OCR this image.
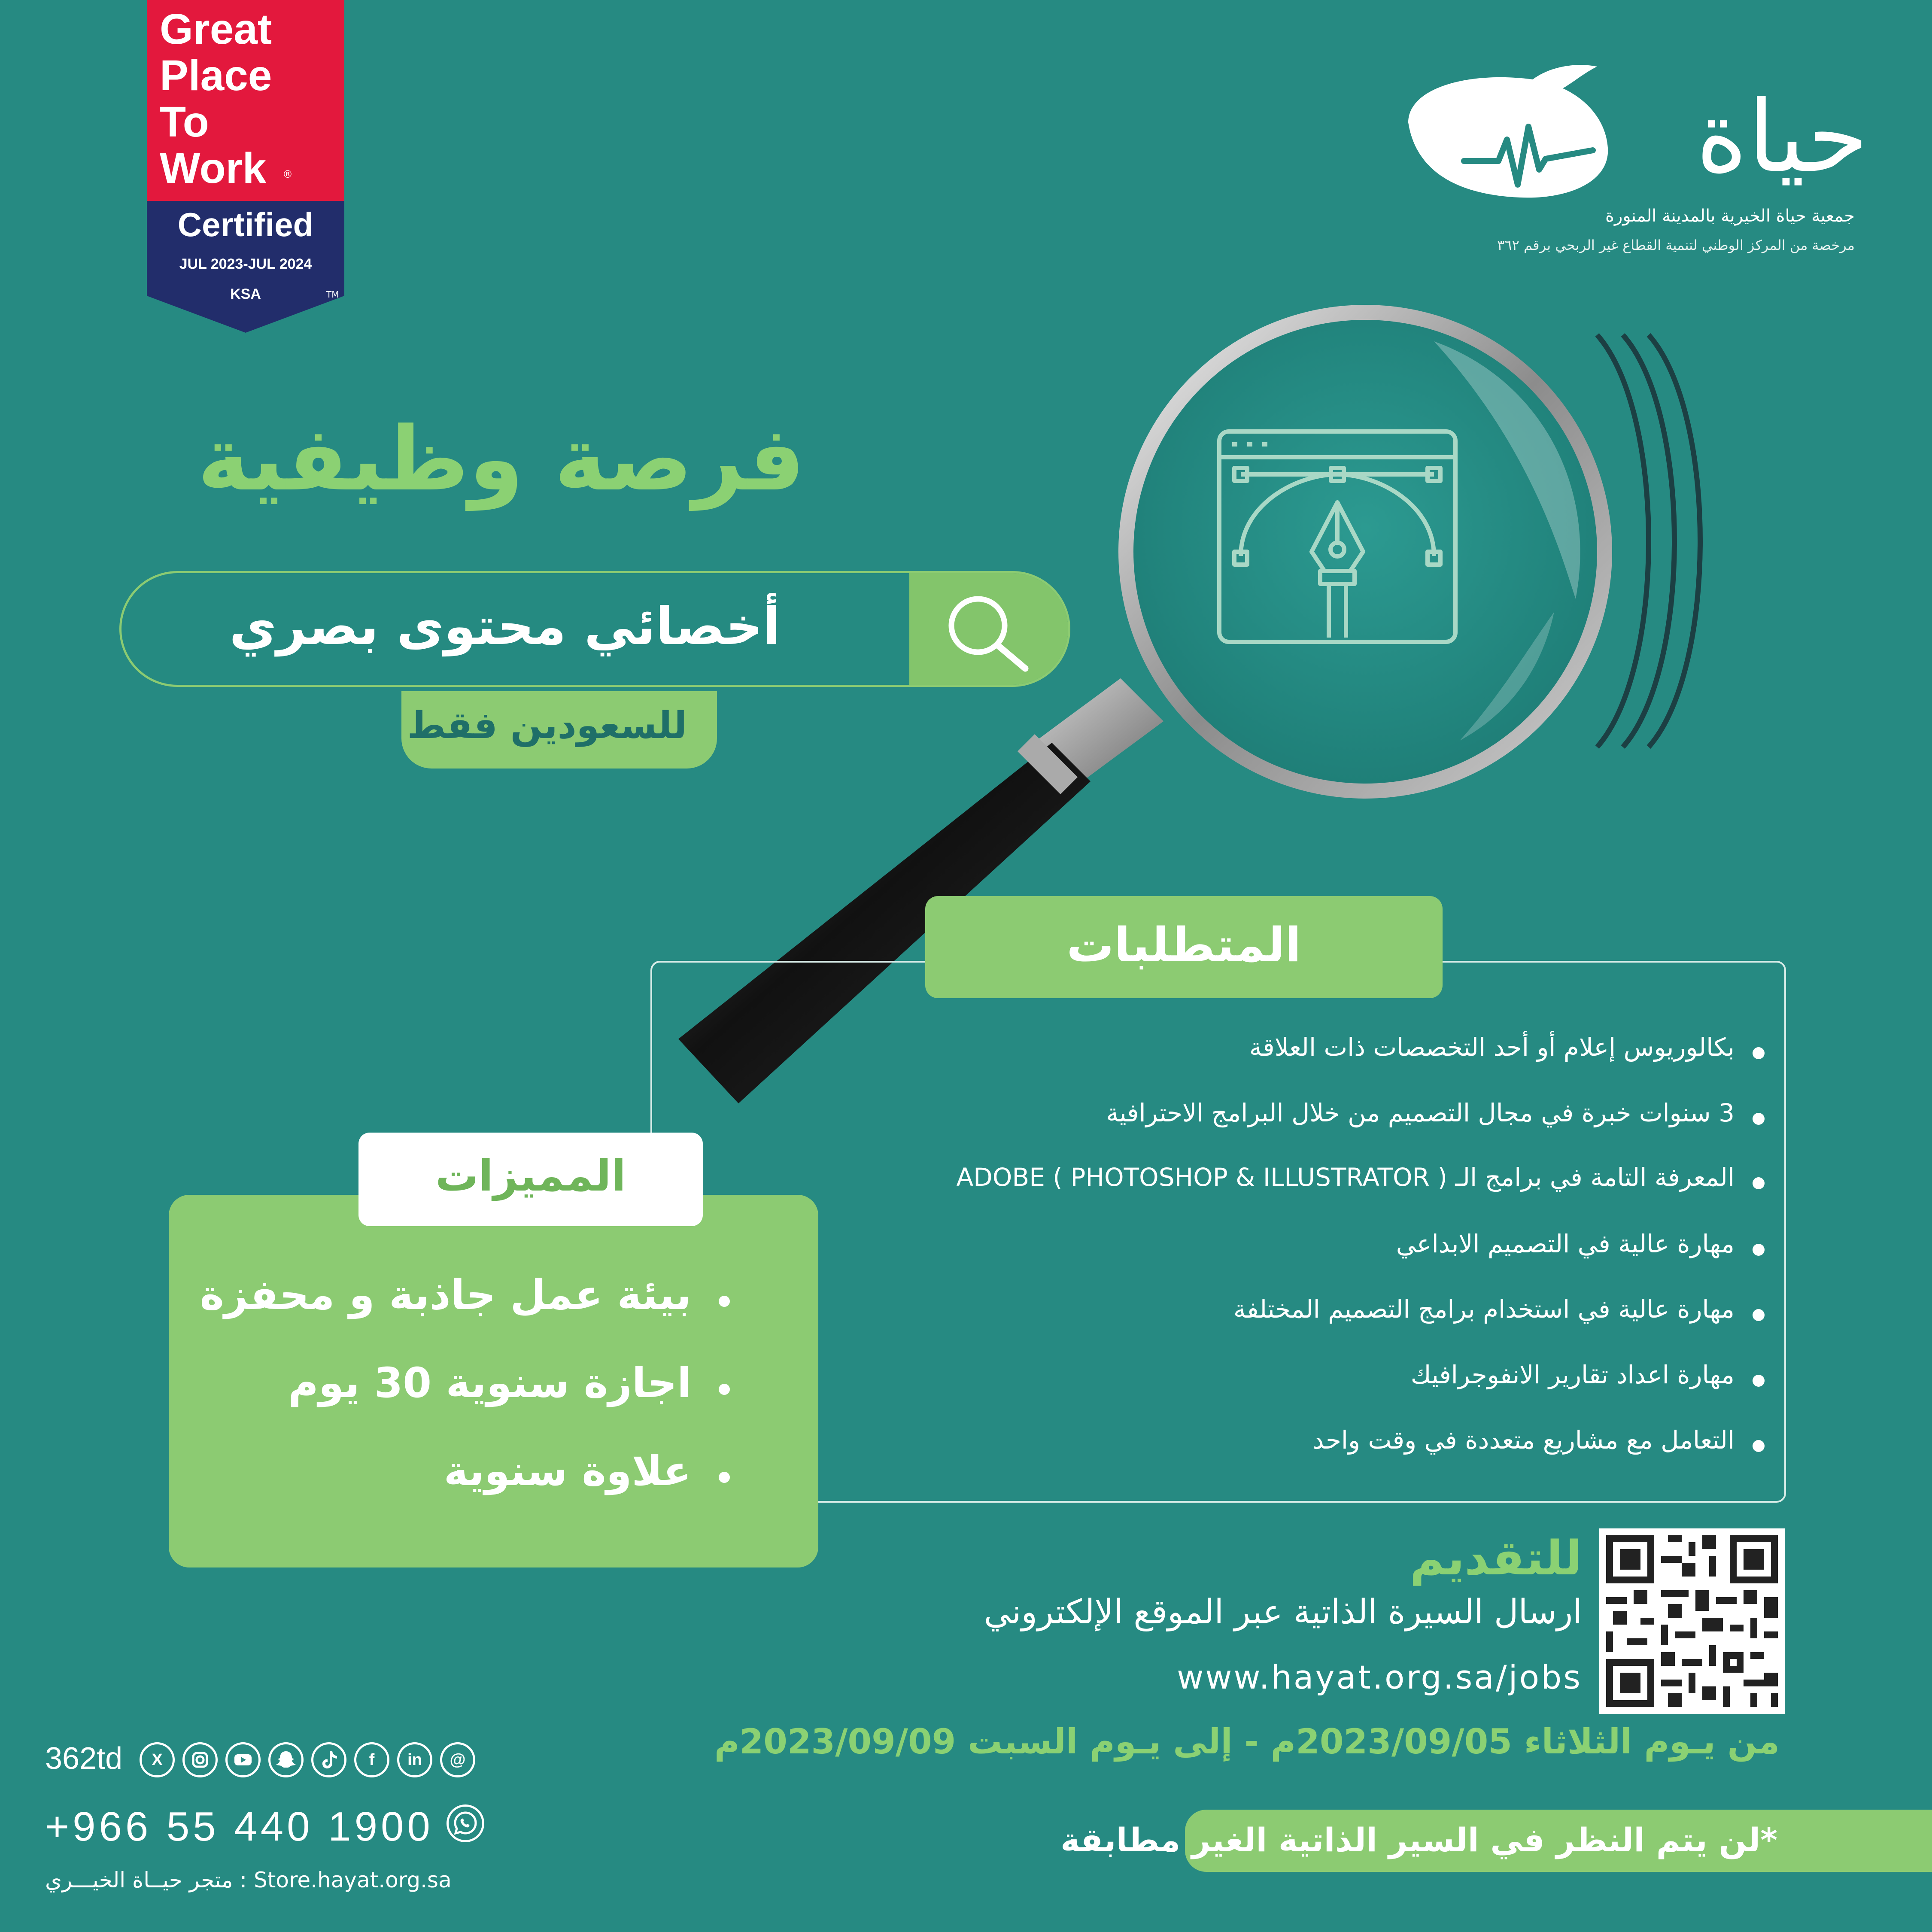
Great
Place
To
Work	®
Certified
JUL 2023-JUL 2024
KSA	TM
حياة
١٤٤٧هـ
جمعية حياة الخيرية بالمدينة المنورة
مرخصة من المركز الوطني لتنمية القطاع غير الربحي برقم ٣٦٢
فرصة وظيفية
أخصائي محتوى بصري
للسعودين فقط
المتطلبات
بكالوريوس إعلام أو أحد التخصصات ذات العلاقة
3 سنوات خبرة في مجال التصميم من خلال البرامج الاحترافية
المعرفة التامة في برامج الـ ( ADOBE ( PHOTOSHOP & ILLUSTRATOR
مهارة عالية في التصميم الابداعي
مهارة عالية في استخدام برامج التصميم المختلفة
مهارة اعداد تقارير الانفوجرافيك
التعامل مع مشاريع متعددة في وقت واحد
المميزات
بيئة عمل جاذبة و محفزة
اجازة سنوية 30 يوم
علاوة سنوية
للتقديم
ارسال السيرة الذاتية عبر الموقع الإلكتروني
www.hayat.org.sa/jobs
من يـوم الثلاثاء 2023/09/05م - إلى يـوم السبت 2023/09/09م
*لن يتم النظر في السير الذاتية الغير مطابقة
362td	X	f	in	@
+966 55 440 1900
متجر حيــاة الخيـــري : Store.hayat.org.sa
